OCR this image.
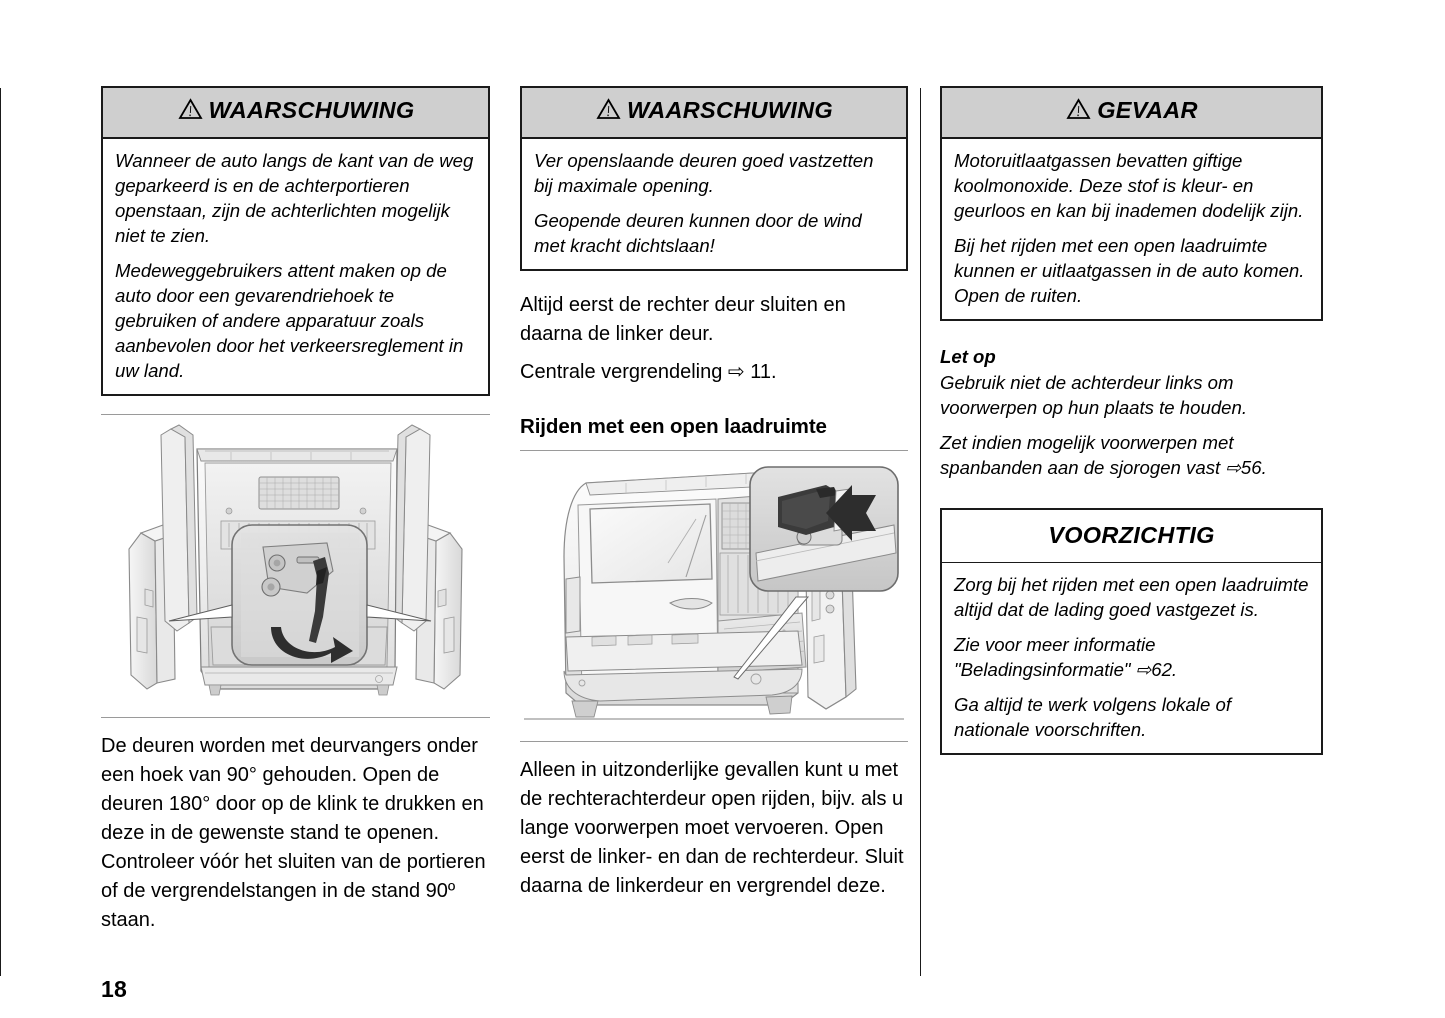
WAARSCHUWING

Wanneer de auto langs de kant van de weg geparkeerd is en de achterportieren openstaan, zijn de achterlichten mogelijk niet te zien.

Medeweggebruikers attent maken op de auto door een gevarendriehoek te gebruiken of andere apparatuur zoals aanbevolen door het verkeersreglement in uw land.

De deuren worden met deurvangers onder een hoek van 90° gehouden. Open de deuren 180° door op de klink te drukken en deze in de gewenste stand te openen. Controleer vóór het sluiten van de portieren of de vergrendelstangen in de stand 90º staan.

WAARSCHUWING

Ver openslaande deuren goed vastzetten bij maximale opening.

Geopende deuren kunnen door de wind met kracht dichtslaan!

Altijd eerst de rechter deur sluiten en daarna de linker deur.

Centrale vergrendeling ⇨ 11.

Rijden met een open laadruimte

Alleen in uitzonderlijke gevallen kunt u met de rechterachterdeur open rijden, bijv. als u lange voorwerpen moet vervoeren. Open eerst de linker- en dan de rechterdeur. Sluit daarna de linkerdeur en vergrendel deze.

GEVAAR

Motoruitlaatgassen bevatten giftige koolmonoxide. Deze stof is kleur- en geurloos en kan bij inademen dodelijk zijn.

Bij het rijden met een open laadruimte kunnen er uitlaatgassen in de auto komen. Open de ruiten.

Let op

Gebruik niet de achterdeur links om voorwerpen op hun plaats te houden.

Zet indien mogelijk voorwerpen met spanbanden aan de sjorogen vast ⇨56.

VOORZICHTIG

Zorg bij het rijden met een open laadruimte altijd dat de lading goed vastgezet is.

Zie voor meer informatie "Beladingsinformatie" ⇨62.

Ga altijd te werk volgens lokale of nationale voorschriften.

18
